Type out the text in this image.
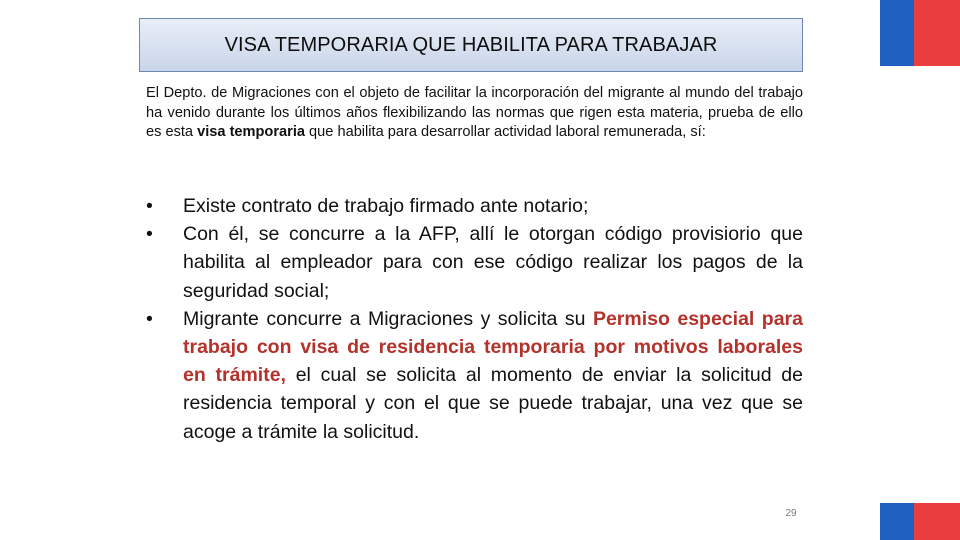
VISA TEMPORARIA QUE HABILITA PARA TRABAJAR

El Depto. de Migraciones con el objeto de facilitar la incorporación del migrante al mundo del trabajo ha venido durante los últimos años flexibilizando las normas que rigen esta materia, prueba de ello es esta visa temporaria que habilita para desarrollar actividad laboral remunerada, sí:

•	Existe contrato de trabajo firmado ante notario;
•	Con él, se concurre a la AFP, allí le otorgan código provisiorio que habilita al empleador para con ese código realizar los pagos de la seguridad social;
•	Migrante concurre a Migraciones y solicita su Permiso especial para trabajo con visa de residencia temporaria por motivos laborales en trámite, el cual se solicita al momento de enviar la solicitud de residencia temporal y con el que se puede trabajar, una vez que se acoge a trámite la solicitud.
29
